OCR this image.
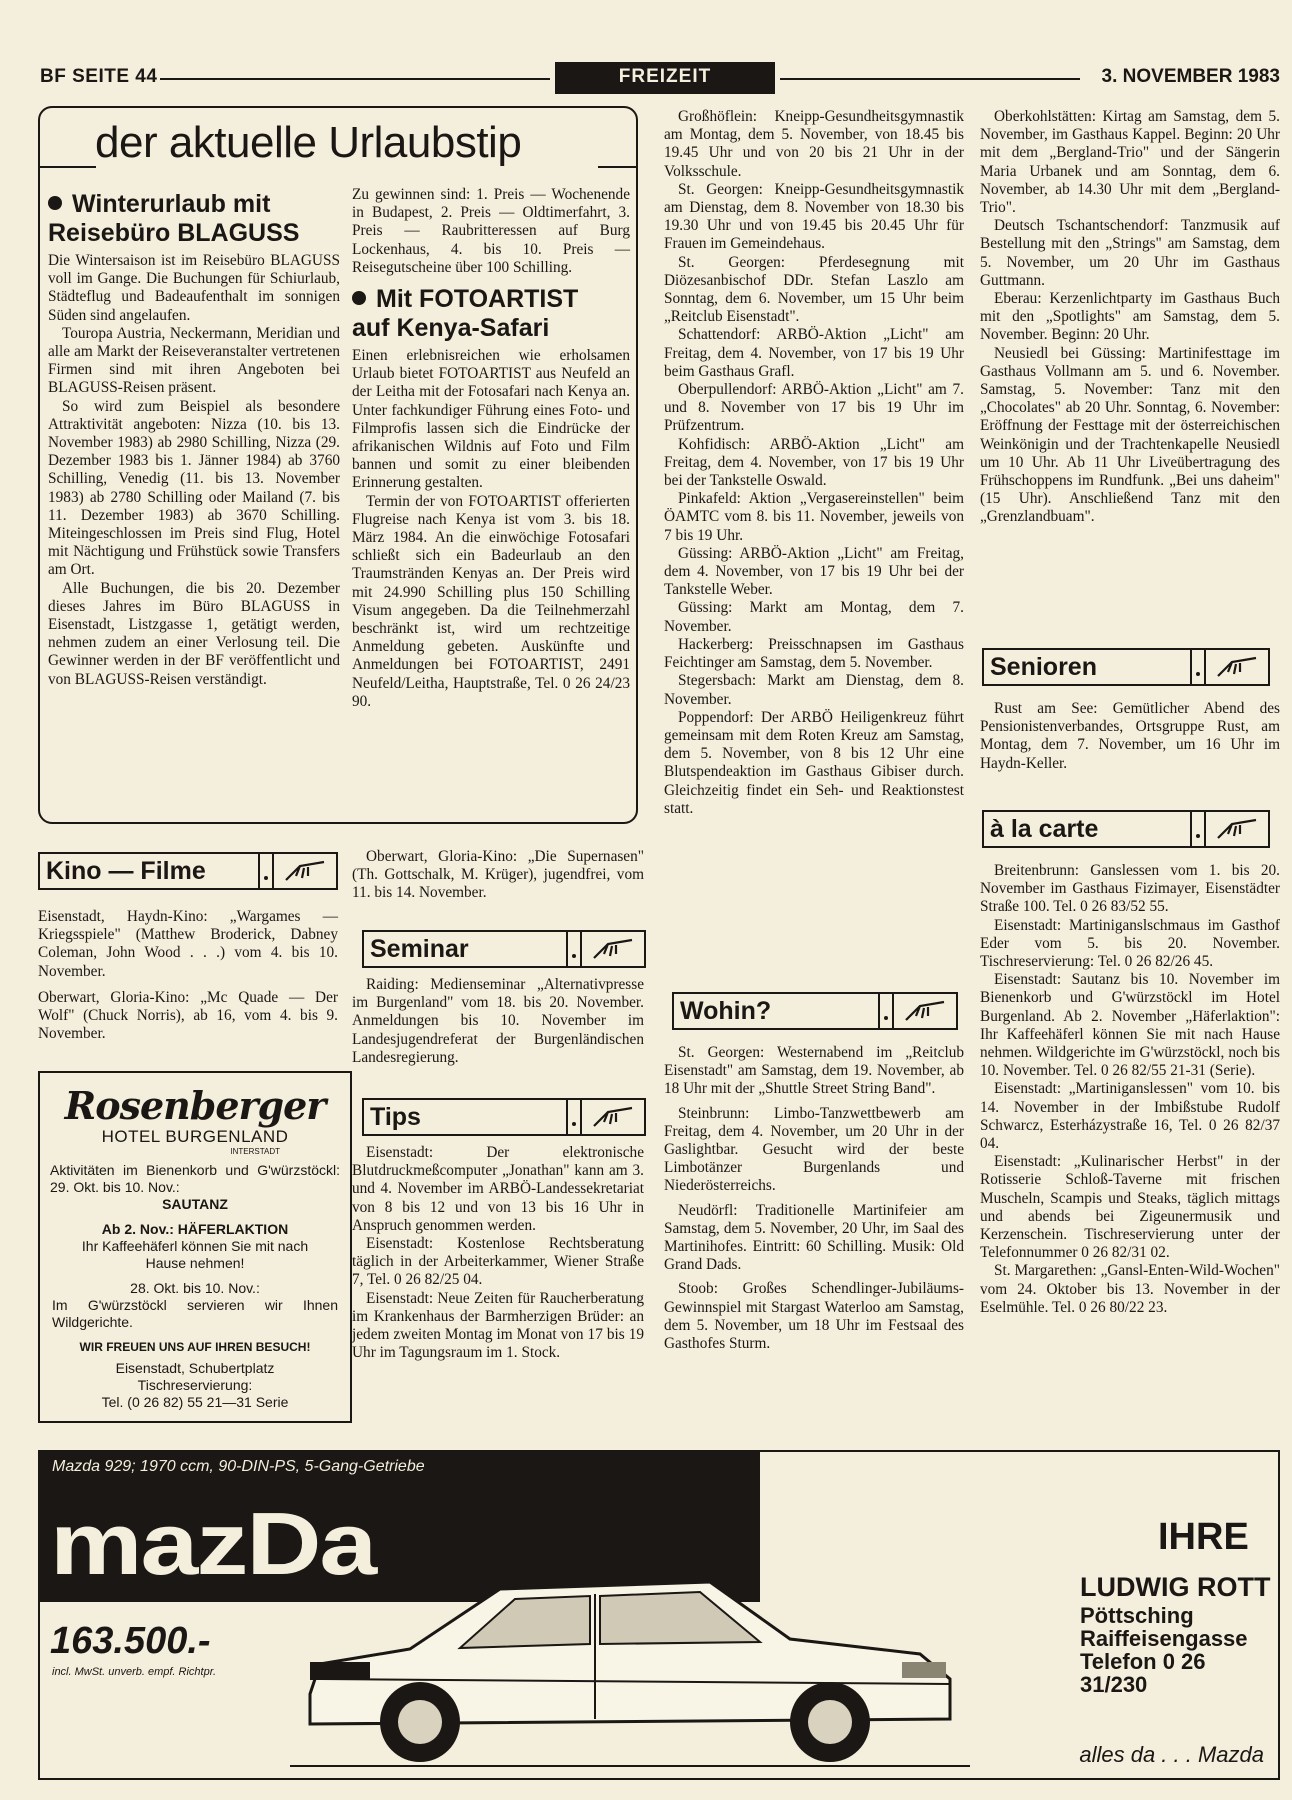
BF SEITE 44	FREIZEIT	3. NOVEMBER 1983
der aktuelle Urlaubstip
Winterurlaub mit
Reisebüro BLAGUSS

Die Wintersaison ist im Reisebüro BLAGUSS voll im Gange. Die Buchungen für Schiurlaub, Städteflug und Badeaufenthalt im sonnigen Süden sind angelaufen.

Touropa Austria, Neckermann, Meridian und alle am Markt der Reiseveranstalter vertretenen Firmen sind mit ihren Angeboten bei BLAGUSS-Reisen präsent.

So wird zum Beispiel als besondere Attraktivität angeboten: Nizza (10. bis 13. November 1983) ab 2980 Schilling, Nizza (29. Dezember 1983 bis 1. Jänner 1984) ab 3760 Schilling, Venedig (11. bis 13. November 1983) ab 2780 Schilling oder Mailand (7. bis 11. Dezember 1983) ab 3670 Schilling. Miteingeschlossen im Preis sind Flug, Hotel mit Nächtigung und Frühstück sowie Transfers am Ort.

Alle Buchungen, die bis 20. Dezember dieses Jahres im Büro BLAGUSS in Eisenstadt, Listzgasse 1, getätigt werden, nehmen zudem an einer Verlosung teil. Die Gewinner werden in der BF veröffentlicht und von BLAGUSS-Reisen verständigt.

Zu gewinnen sind: 1. Preis — Wochenende in Budapest, 2. Preis — Oldtimerfahrt, 3. Preis — Raubritteressen auf Burg Lockenhaus, 4. bis 10. Preis — Reisegutscheine über 100 Schilling.

Mit FOTOARTIST
auf Kenya-Safari

Einen erlebnisreichen wie erholsamen Urlaub bietet FOTOARTIST aus Neufeld an der Leitha mit der Fotosafari nach Kenya an. Unter fachkundiger Führung eines Foto- und Filmprofis lassen sich die Eindrücke der afrikanischen Wildnis auf Foto und Film bannen und somit zu einer bleibenden Erinnerung gestalten.

Termin der von FOTOARTIST offerierten Flugreise nach Kenya ist vom 3. bis 18. März 1984. An die einwöchige Fotosafari schließt sich ein Badeurlaub an den Traumstränden Kenyas an. Der Preis wird mit 24.990 Schilling plus 150 Schilling Visum angegeben. Da die Teilnehmerzahl beschränkt ist, wird um rechtzeitige Anmeldung gebeten. Auskünfte und Anmeldungen bei FOTOARTIST, 2491 Neufeld/Leitha, Hauptstraße, Tel. 0 26 24/23 90.

Kino — Filme

Eisenstadt, Haydn-Kino: „Wargames — Kriegsspiele" (Matthew Broderick, Dabney Coleman, John Wood . . .) vom 4. bis 10. November.

Oberwart, Gloria-Kino: „Mc Quade — Der Wolf" (Chuck Norris), ab 16, vom 4. bis 9. November.

Oberwart, Gloria-Kino: „Die Supernasen" (Th. Gottschalk, M. Krüger), jugendfrei, vom 11. bis 14. November.

Seminar

Raiding: Medienseminar „Alternativpresse im Burgenland" vom 18. bis 20. November. Anmeldungen bis 10. November im Landesjugendreferat der Burgenländischen Landesregierung.

Tips

Eisenstadt: Der elektronische Blutdruckmeßcomputer „Jonathan" kann am 3. und 4. November im ARBÖ-Landessekretariat von 8 bis 12 und von 13 bis 16 Uhr in Anspruch genommen werden.

Eisenstadt: Kostenlose Rechtsberatung täglich in der Arbeiterkammer, Wiener Straße 7, Tel. 0 26 82/25 04.

Eisenstadt: Neue Zeiten für Raucherberatung im Krankenhaus der Barmherzigen Brüder: an jedem zweiten Montag im Monat von 17 bis 19 Uhr im Tagungsraum im 1. Stock.

Rosenberger
HOTEL BURGENLAND
INTERSTADT
Aktivitäten im Bienenkorb und G'würzstöckl: 29. Okt. bis 10. Nov.:
SAUTANZ
Ab 2. Nov.: HÄFERLAKTION
Ihr Kaffeehäferl können Sie mit nach Hause nehmen!
28. Okt. bis 10. Nov.:
Im G'würzstöckl servieren wir Ihnen Wildgerichte.
WIR FREUEN UNS AUF IHREN BESUCH!
Eisenstadt, Schubertplatz
Tischreservierung:
Tel. (0 26 82) 55 21—31 Serie

Großhöflein: Kneipp-Gesundheitsgymnastik am Montag, dem 5. November, von 18.45 bis 19.45 Uhr und von 20 bis 21 Uhr in der Volksschule.

St. Georgen: Kneipp-Gesundheitsgymnastik am Dienstag, dem 8. November von 18.30 bis 19.30 Uhr und von 19.45 bis 20.45 Uhr für Frauen im Gemeindehaus.

St. Georgen: Pferdesegnung mit Diözesanbischof DDr. Stefan Laszlo am Sonntag, dem 6. November, um 15 Uhr beim „Reitclub Eisenstadt".

Schattendorf: ARBÖ-Aktion „Licht" am Freitag, dem 4. November, von 17 bis 19 Uhr beim Gasthaus Grafl.

Oberpullendorf: ARBÖ-Aktion „Licht" am 7. und 8. November von 17 bis 19 Uhr im Prüfzentrum.

Kohfidisch: ARBÖ-Aktion „Licht" am Freitag, dem 4. November, von 17 bis 19 Uhr bei der Tankstelle Oswald.

Pinkafeld: Aktion „Vergasereinstellen" beim ÖAMTC vom 8. bis 11. November, jeweils von 7 bis 19 Uhr.

Güssing: ARBÖ-Aktion „Licht" am Freitag, dem 4. November, von 17 bis 19 Uhr bei der Tankstelle Weber.

Güssing: Markt am Montag, dem 7. November.

Hackerberg: Preisschnapsen im Gasthaus Feichtinger am Samstag, dem 5. November.

Stegersbach: Markt am Dienstag, dem 8. November.

Poppendorf: Der ARBÖ Heiligenkreuz führt gemeinsam mit dem Roten Kreuz am Samstag, dem 5. November, von 8 bis 12 Uhr eine Blutspendeaktion im Gasthaus Gibiser durch. Gleichzeitig findet ein Seh- und Reaktionstest statt.

Wohin?

St. Georgen: Westernabend im „Reitclub Eisenstadt" am Samstag, dem 19. November, ab 18 Uhr mit der „Shuttle Street String Band".

Steinbrunn: Limbo-Tanzwettbewerb am Freitag, dem 4. November, um 20 Uhr in der Gaslightbar. Gesucht wird der beste Limbotänzer Burgenlands und Niederösterreichs.

Neudörfl: Traditionelle Martinifeier am Samstag, dem 5. November, 20 Uhr, im Saal des Martinihofes. Eintritt: 60 Schilling. Musik: Old Grand Dads.

Stoob: Großes Schendlinger-Jubiläums-Gewinnspiel mit Stargast Waterloo am Samstag, dem 5. November, um 18 Uhr im Festsaal des Gasthofes Sturm.

Oberkohlstätten: Kirtag am Samstag, dem 5. November, im Gasthaus Kappel. Beginn: 20 Uhr mit dem „Bergland-Trio" und der Sängerin Maria Urbanek und am Sonntag, dem 6. November, ab 14.30 Uhr mit dem „Bergland-Trio".

Deutsch Tschantschendorf: Tanzmusik auf Bestellung mit den „Strings" am Samstag, dem 5. November, um 20 Uhr im Gasthaus Guttmann.

Eberau: Kerzenlichtparty im Gasthaus Buch mit den „Spotlights" am Samstag, dem 5. November. Beginn: 20 Uhr.

Neusiedl bei Güssing: Martinifesttage im Gasthaus Vollmann am 5. und 6. November. Samstag, 5. November: Tanz mit den „Chocolates" ab 20 Uhr. Sonntag, 6. November: Eröffnung der Festtage mit der österreichischen Weinkönigin und der Trachtenkapelle Neusiedl um 10 Uhr. Ab 11 Uhr Liveübertragung des Frühschoppens im Rundfunk. „Bei uns daheim" (15 Uhr). Anschließend Tanz mit den „Grenzlandbuam".

Senioren

Rust am See: Gemütlicher Abend des Pensionistenverbandes, Ortsgruppe Rust, am Montag, dem 7. November, um 16 Uhr im Haydn-Keller.

à la carte

Breitenbrunn: Ganslessen vom 1. bis 20. November im Gasthaus Fizimayer, Eisenstädter Straße 100. Tel. 0 26 83/52 55.

Eisenstadt: Martiniganslschmaus im Gasthof Eder vom 5. bis 20. November. Tischreservierung: Tel. 0 26 82/26 45.

Eisenstadt: Sautanz bis 10. November im Bienenkorb und G'würzstöckl im Hotel Burgenland. Ab 2. November „Häferlaktion": Ihr Kaffeehäferl können Sie mit nach Hause nehmen. Wildgerichte im G'würzstöckl, noch bis 10. November. Tel. 0 26 82/55 21-31 (Serie).

Eisenstadt: „Martiniganslessen" vom 10. bis 14. November in der Imbißstube Rudolf Schwarcz, Esterházystraße 16, Tel. 0 26 82/37 04.

Eisenstadt: „Kulinarischer Herbst" in der Rotisserie Schloß-Taverne mit frischen Muscheln, Scampis und Steaks, täglich mittags und abends bei Zigeunermusik und Kerzenschein. Tischreservierung unter der Telefonnummer 0 26 82/31 02.

St. Margarethen: „Gansl-Enten-Wild-Wochen" vom 24. Oktober bis 13. November in der Eselmühle. Tel. 0 26 80/22 23.

Mazda 929; 1970 ccm, 90-DIN-PS, 5-Gang-Getriebe
mazDa
163.500.-
incl. MwSt. unverb. empf. Richtpr.
IHRE
LUDWIG ROTT
Pöttsching
Raiffeisengasse
Telefon 0 26 31/230
alles da . . . Mazda
